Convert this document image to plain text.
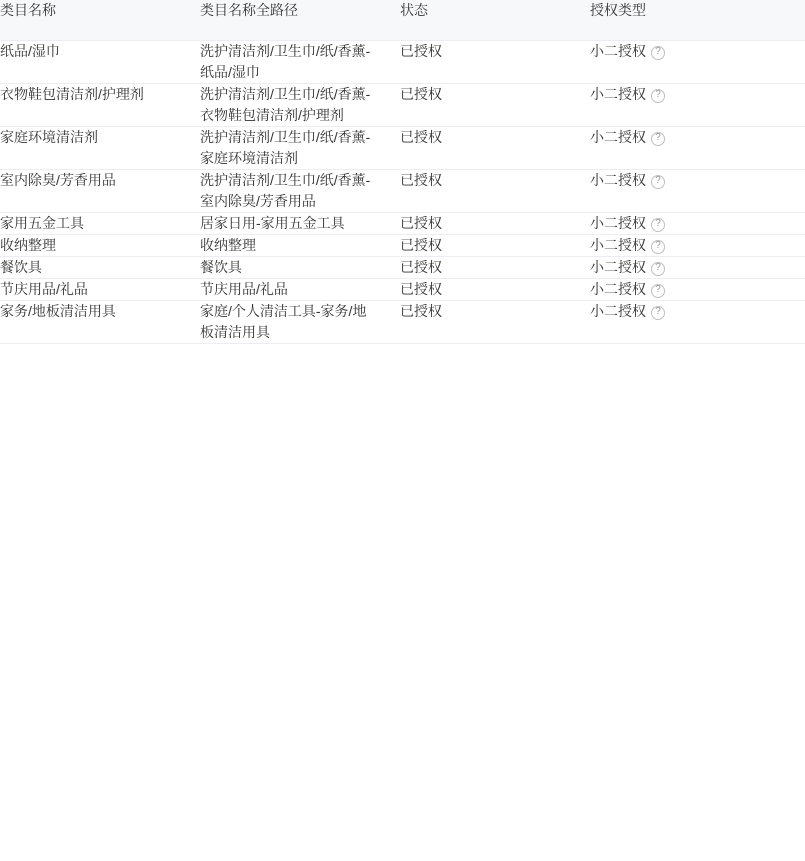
类目名称	类目名称全路径	状态	授权类型
纸品/湿巾	洗护清洁剂/卫生巾/纸/香薰-纸品/湿巾	已授权	小二授权 ?

衣物鞋包清洁剂/护理剂	洗护清洁剂/卫生巾/纸/香薰-衣物鞋包清洁剂/护理剂	已授权	小二授权 ?

家庭环境清洁剂	洗护清洁剂/卫生巾/纸/香薰-家庭环境清洁剂	已授权	小二授权 ?

室内除臭/芳香用品	洗护清洁剂/卫生巾/纸/香薰-室内除臭/芳香用品	已授权	小二授权 ?

家用五金工具	居家日用-家用五金工具	已授权	小二授权 ?

收纳整理	收纳整理	已授权	小二授权 ?

餐饮具	餐饮具	已授权	小二授权 ?

节庆用品/礼品	节庆用品/礼品	已授权	小二授权 ?

家务/地板清洁用具	家庭/个人清洁工具-家务/地板清洁用具	已授权	小二授权 ?
